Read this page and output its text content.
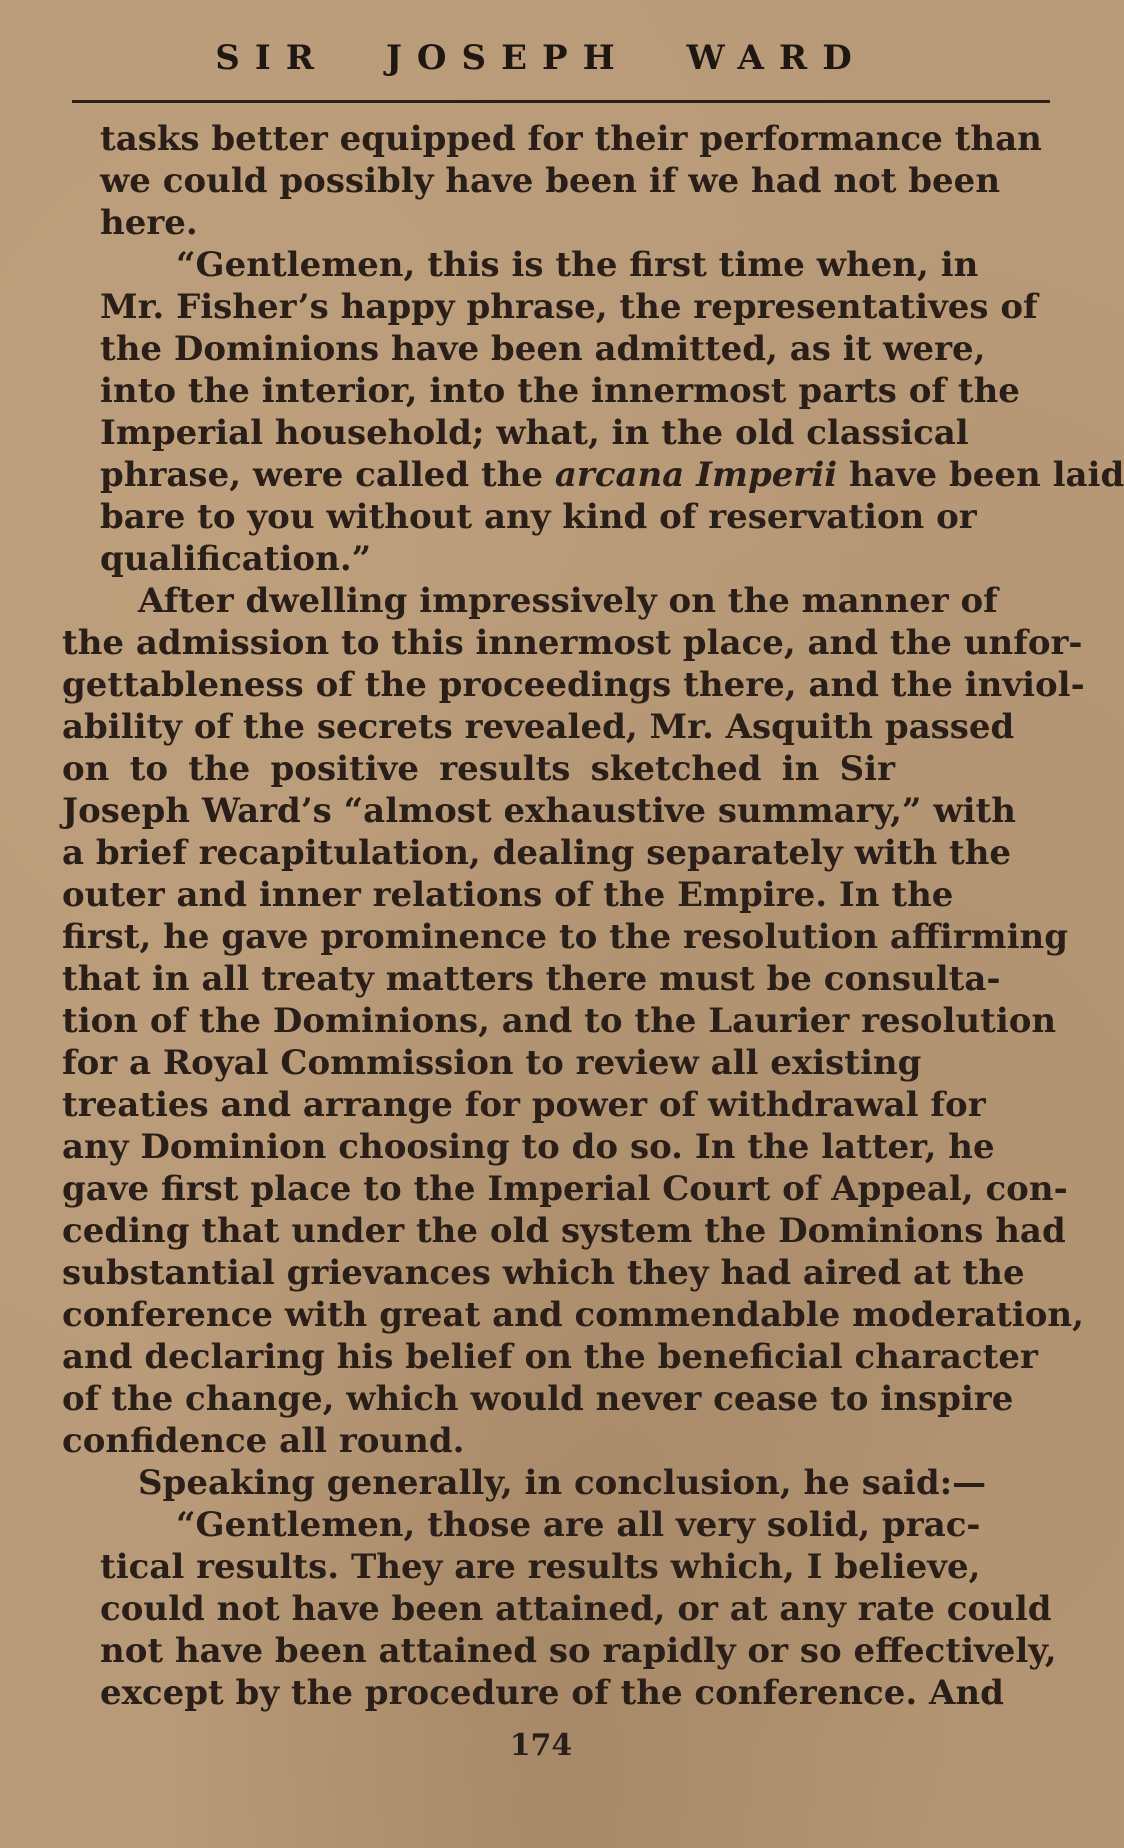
SIR JOSEPH WARD

tasks better equipped for their performance than

we could possibly have been if we had not been

here.

“Gentlemen, this is the first time when, in

Mr. Fisher’s happy phrase, the representatives of

the Dominions have been admitted, as it were,

into the interior, into the innermost parts of the

Imperial household; what, in the old classical

phrase, were called the arcana Imperii have been laid

bare to you without any kind of reservation or

qualification.”

After dwelling impressively on the manner of

the admission to this innermost place, and the unfor-

gettableness of the proceedings there, and the inviol-

ability of the secrets revealed, Mr. Asquith passed

on to the positive results sketched in Sir

Joseph Ward’s “almost exhaustive summary,” with

a brief recapitulation, dealing separately with the

outer and inner relations of the Empire. In the

first, he gave prominence to the resolution affirming

that in all treaty matters there must be consulta-

tion of the Dominions, and to the Laurier resolution

for a Royal Commission to review all existing

treaties and arrange for power of withdrawal for

any Dominion choosing to do so. In the latter, he

gave first place to the Imperial Court of Appeal, con-

ceding that under the old system the Dominions had

substantial grievances which they had aired at the

conference with great and commendable moderation,

and declaring his belief on the beneficial character

of the change, which would never cease to inspire

confidence all round.

Speaking generally, in conclusion, he said:—

“Gentlemen, those are all very solid, prac-

tical results. They are results which, I believe,

could not have been attained, or at any rate could

not have been attained so rapidly or so effectively,

except by the procedure of the conference. And

174
